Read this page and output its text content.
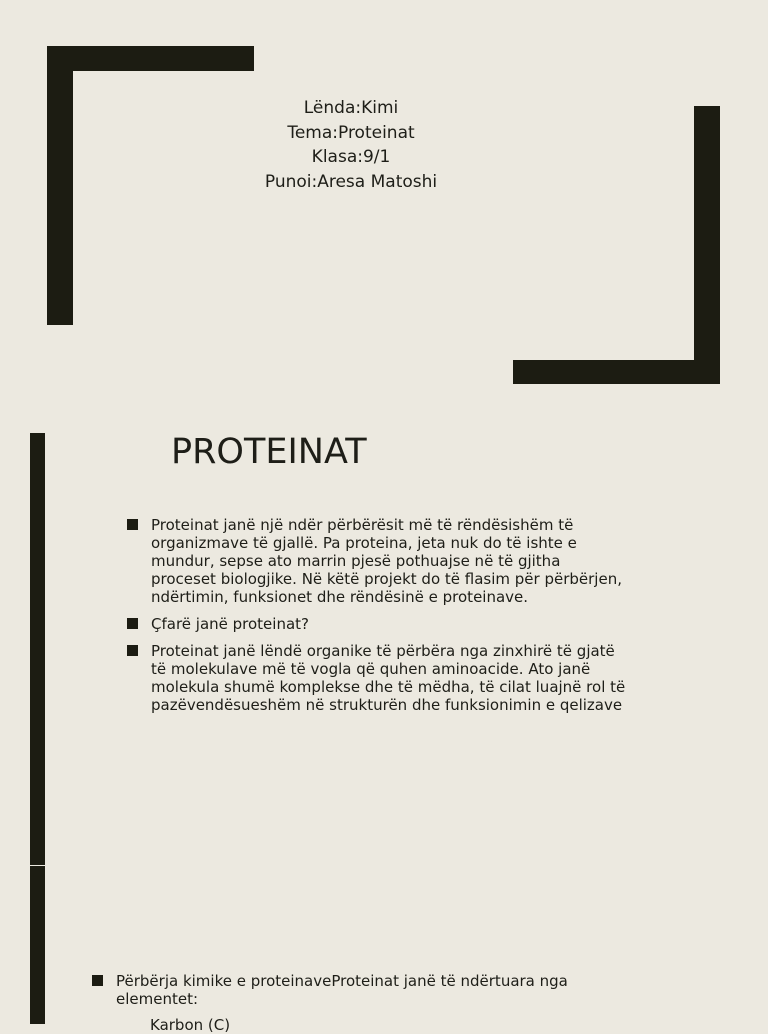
Lënda:Kimi
Tema:Proteinat
Klasa:9/1
Punoi:Aresa Matoshi
PROTEINAT
Proteinat janë një ndër përbërësit më të rëndësishëm të organizmave të gjallë. Pa proteina, jeta nuk do të ishte e mundur, sepse ato marrin pjesë pothuajse në të gjitha proceset biologjike. Në këtë projekt do të flasim për përbërjen, ndërtimin, funksionet dhe rëndësinë e proteinave.
Çfarë janë proteinat?
Proteinat janë lëndë organike të përbëra nga zinxhirë të gjatë të molekulave më të vogla që quhen aminoacide. Ato janë molekula shumë komplekse dhe të mëdha, të cilat luajnë rol të pazëvendësueshëm në strukturën dhe funksionimin e qelizave
Përbërja kimike e proteinaveProteinat janë të ndërtuara nga elementet:
Karbon (C)
